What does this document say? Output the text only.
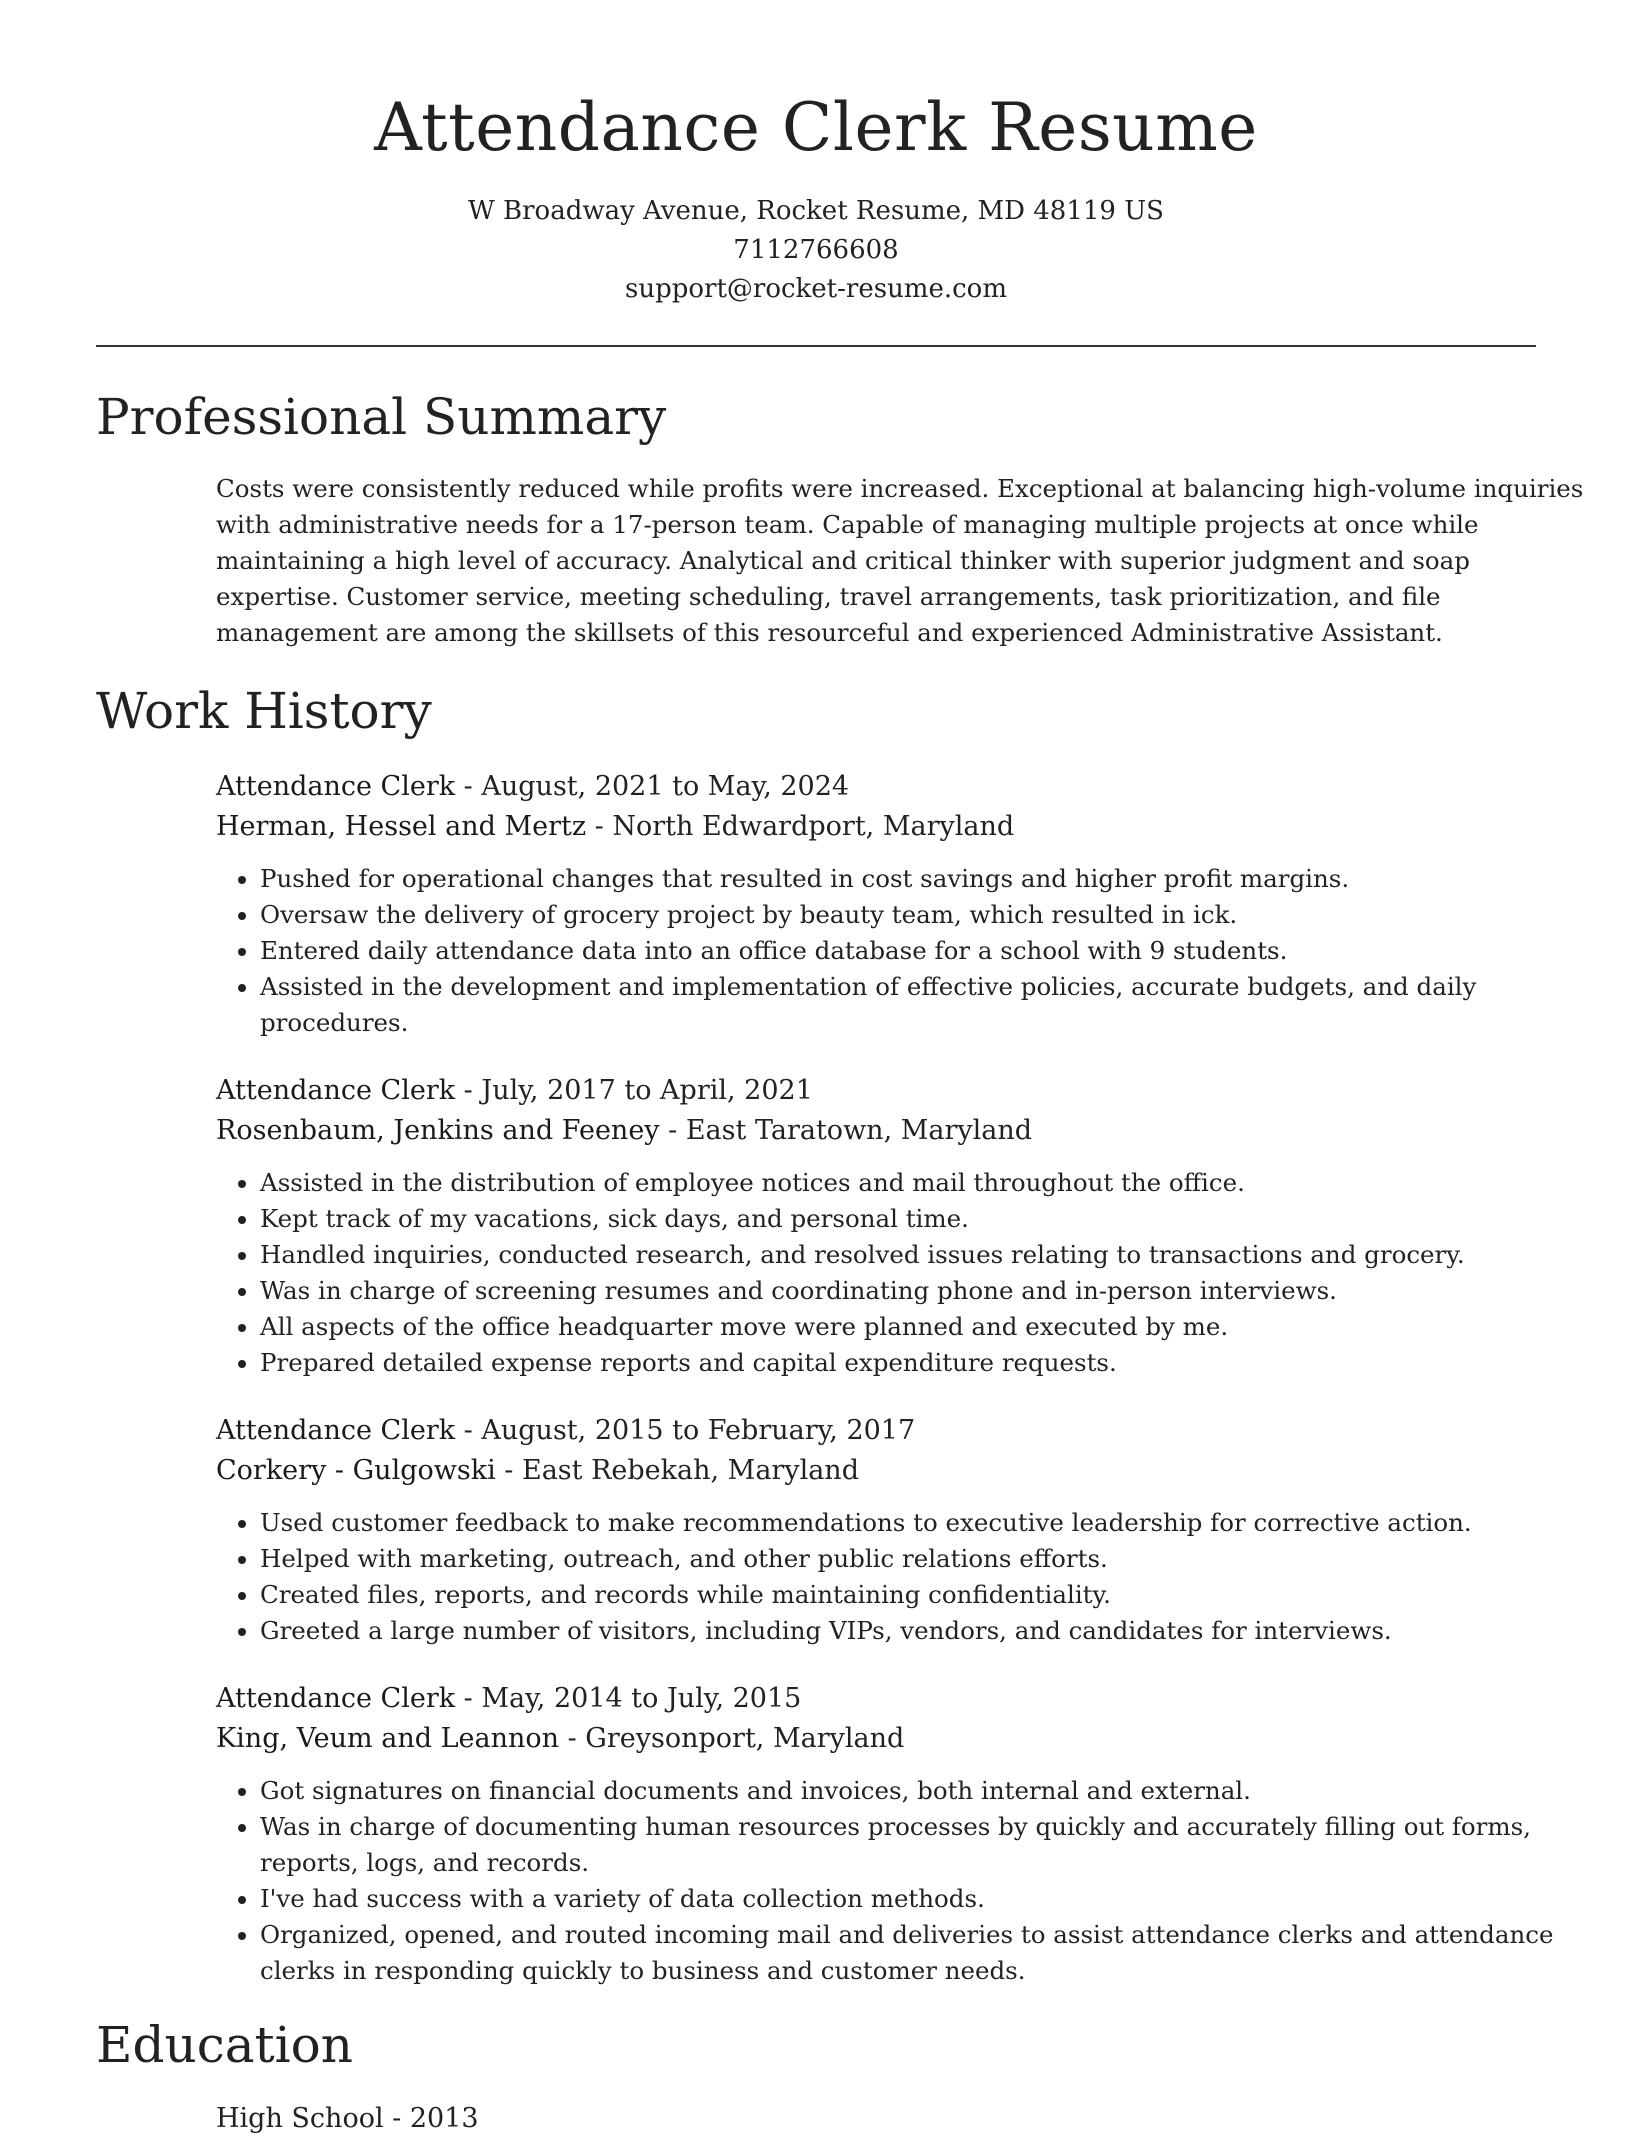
Attendance Clerk Resume
W Broadway Avenue, Rocket Resume, MD 48119 US
7112766608
support@rocket-resume.com
Professional Summary

Costs were consistently reduced while profits were increased. Exceptional at balancing high-volume inquiries with administrative needs for a 17-person team. Capable of managing multiple projects at once while maintaining a high level of accuracy. Analytical and critical thinker with superior judgment and soap expertise. Customer service, meeting scheduling, travel arrangements, task prioritization, and file management are among the skillsets of this resourceful and experienced Administrative Assistant.

Work History
Attendance Clerk - August, 2021 to May, 2024
Herman, Hessel and Mertz - North Edwardport, Maryland
• Pushed for operational changes that resulted in cost savings and higher profit margins.
• Oversaw the delivery of grocery project by beauty team, which resulted in ick.
• Entered daily attendance data into an office database for a school with 9 students.
• Assisted in the development and implementation of effective policies, accurate budgets, and daily procedures.
Attendance Clerk - July, 2017 to April, 2021
Rosenbaum, Jenkins and Feeney - East Taratown, Maryland
• Assisted in the distribution of employee notices and mail throughout the office.
• Kept track of my vacations, sick days, and personal time.
• Handled inquiries, conducted research, and resolved issues relating to transactions and grocery.
• Was in charge of screening resumes and coordinating phone and in-person interviews.
• All aspects of the office headquarter move were planned and executed by me.
• Prepared detailed expense reports and capital expenditure requests.
Attendance Clerk - August, 2015 to February, 2017
Corkery - Gulgowski - East Rebekah, Maryland
• Used customer feedback to make recommendations to executive leadership for corrective action.
• Helped with marketing, outreach, and other public relations efforts.
• Created files, reports, and records while maintaining confidentiality.
• Greeted a large number of visitors, including VIPs, vendors, and candidates for interviews.
Attendance Clerk - May, 2014 to July, 2015
King, Veum and Leannon - Greysonport, Maryland
• Got signatures on financial documents and invoices, both internal and external.
• Was in charge of documenting human resources processes by quickly and accurately filling out forms, reports, logs, and records.
• I've had success with a variety of data collection methods.
• Organized, opened, and routed incoming mail and deliveries to assist attendance clerks and attendance clerks in responding quickly to business and customer needs.
Education
High School - 2013
